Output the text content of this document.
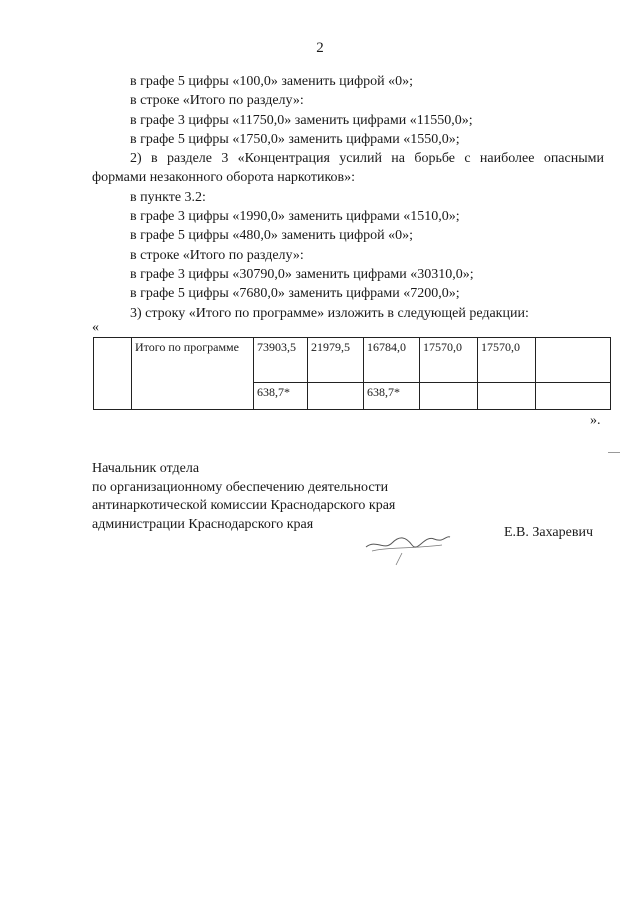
2

в графе 5 цифры «100,0» заменить цифрой «0»;

в строке «Итого по разделу»:

в графе 3 цифры «11750,0» заменить цифрами «11550,0»;

в графе 5 цифры «1750,0» заменить цифрами «1550,0»;

2) в разделе 3 «Концентрация усилий на борьбе с наиболее опасными

формами незаконного оборота наркотиков»:

в пункте 3.2:

в графе 3 цифры «1990,0» заменить цифрами «1510,0»;

в графе 5 цифры «480,0» заменить цифрой «0»;

в строке «Итого по разделу»:

в графе 3 цифры «30790,0» заменить цифрами «30310,0»;

в графе 5 цифры «7680,0» заменить цифрами «7200,0»;

3) строку «Итого по программе» изложить в следующей редакции:

«
	Итого по программе	73903,5	21979,5	16784,0	17570,0	17570,0	
		638,7*		638,7*			
».

Начальник отдела

по организационному обеспечению деятельности

антинаркотической комиссии Краснодарского края

администрации Краснодарского края

Е.В. Захаревич
